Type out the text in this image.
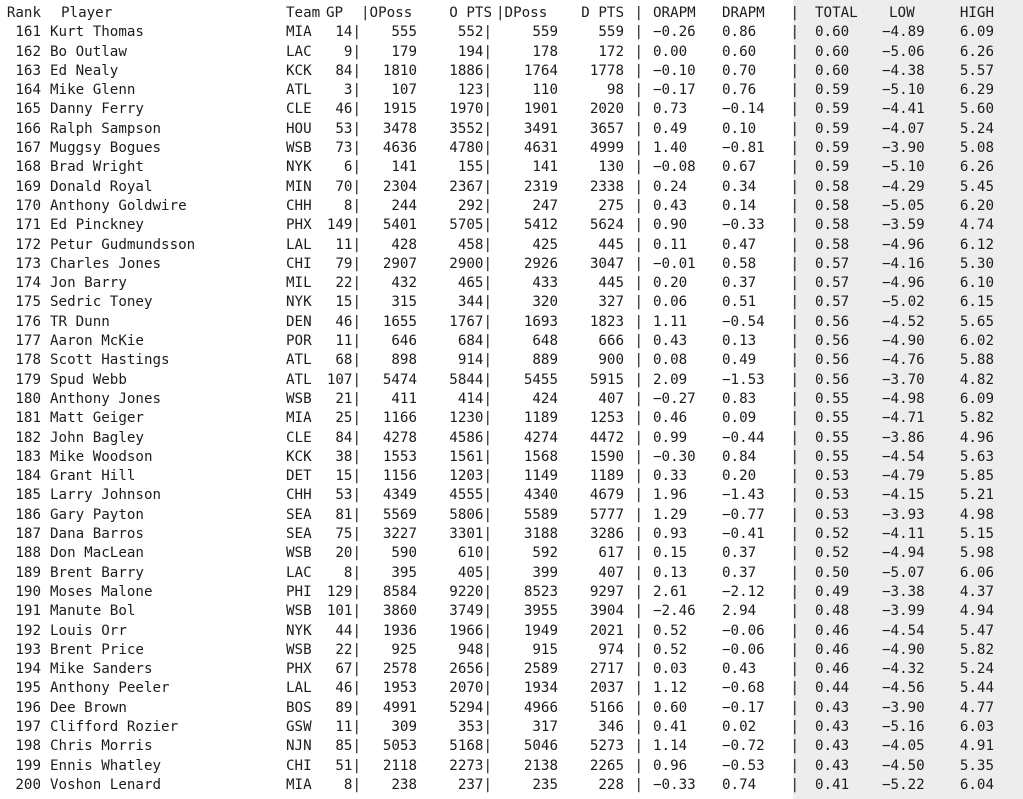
Rank	Player	Team	GP	|OPoss	O PTS	|DPoss	D PTS	|	ORAPM	DRAPM	|	TOTAL	LOW	HIGH
161	Kurt Thomas	MIA	14|	555	552|	559	559	|	−0.26	0.86	|	0.60	−4.89	6.09
162	Bo Outlaw	LAC	9|	179	194|	178	172	|	0.00	0.60	|	0.60	−5.06	6.26
163	Ed Nealy	KCK	84|	1810	1886|	1764	1778	|	−0.10	0.70	|	0.60	−4.38	5.57
164	Mike Glenn	ATL	3|	107	123|	110	98	|	−0.17	0.76	|	0.59	−5.10	6.29
165	Danny Ferry	CLE	46|	1915	1970|	1901	2020	|	0.73	−0.14	|	0.59	−4.41	5.60
166	Ralph Sampson	HOU	53|	3478	3552|	3491	3657	|	0.49	0.10	|	0.59	−4.07	5.24
167	Muggsy Bogues	WSB	73|	4636	4780|	4631	4999	|	1.40	−0.81	|	0.59	−3.90	5.08
168	Brad Wright	NYK	6|	141	155|	141	130	|	−0.08	0.67	|	0.59	−5.10	6.26
169	Donald Royal	MIN	70|	2304	2367|	2319	2338	|	0.24	0.34	|	0.58	−4.29	5.45
170	Anthony Goldwire	CHH	8|	244	292|	247	275	|	0.43	0.14	|	0.58	−5.05	6.20
171	Ed Pinckney	PHX	149|	5401	5705|	5412	5624	|	0.90	−0.33	|	0.58	−3.59	4.74
172	Petur Gudmundsson	LAL	11|	428	458|	425	445	|	0.11	0.47	|	0.58	−4.96	6.12
173	Charles Jones	CHI	79|	2907	2900|	2926	3047	|	−0.01	0.58	|	0.57	−4.16	5.30
174	Jon Barry	MIL	22|	432	465|	433	445	|	0.20	0.37	|	0.57	−4.96	6.10
175	Sedric Toney	NYK	15|	315	344|	320	327	|	0.06	0.51	|	0.57	−5.02	6.15
176	TR Dunn	DEN	46|	1655	1767|	1693	1823	|	1.11	−0.54	|	0.56	−4.52	5.65
177	Aaron McKie	POR	11|	646	684|	648	666	|	0.43	0.13	|	0.56	−4.90	6.02
178	Scott Hastings	ATL	68|	898	914|	889	900	|	0.08	0.49	|	0.56	−4.76	5.88
179	Spud Webb	ATL	107|	5474	5844|	5455	5915	|	2.09	−1.53	|	0.56	−3.70	4.82
180	Anthony Jones	WSB	21|	411	414|	424	407	|	−0.27	0.83	|	0.55	−4.98	6.09
181	Matt Geiger	MIA	25|	1166	1230|	1189	1253	|	0.46	0.09	|	0.55	−4.71	5.82
182	John Bagley	CLE	84|	4278	4586|	4274	4472	|	0.99	−0.44	|	0.55	−3.86	4.96
183	Mike Woodson	KCK	38|	1553	1561|	1568	1590	|	−0.30	0.84	|	0.55	−4.54	5.63
184	Grant Hill	DET	15|	1156	1203|	1149	1189	|	0.33	0.20	|	0.53	−4.79	5.85
185	Larry Johnson	CHH	53|	4349	4555|	4340	4679	|	1.96	−1.43	|	0.53	−4.15	5.21
186	Gary Payton	SEA	81|	5569	5806|	5589	5777	|	1.29	−0.77	|	0.53	−3.93	4.98
187	Dana Barros	SEA	75|	3227	3301|	3188	3286	|	0.93	−0.41	|	0.52	−4.11	5.15
188	Don MacLean	WSB	20|	590	610|	592	617	|	0.15	0.37	|	0.52	−4.94	5.98
189	Brent Barry	LAC	8|	395	405|	399	407	|	0.13	0.37	|	0.50	−5.07	6.06
190	Moses Malone	PHI	129|	8584	9220|	8523	9297	|	2.61	−2.12	|	0.49	−3.38	4.37
191	Manute Bol	WSB	101|	3860	3749|	3955	3904	|	−2.46	2.94	|	0.48	−3.99	4.94
192	Louis Orr	NYK	44|	1936	1966|	1949	2021	|	0.52	−0.06	|	0.46	−4.54	5.47
193	Brent Price	WSB	22|	925	948|	915	974	|	0.52	−0.06	|	0.46	−4.90	5.82
194	Mike Sanders	PHX	67|	2578	2656|	2589	2717	|	0.03	0.43	|	0.46	−4.32	5.24
195	Anthony Peeler	LAL	46|	1953	2070|	1934	2037	|	1.12	−0.68	|	0.44	−4.56	5.44
196	Dee Brown	BOS	89|	4991	5294|	4966	5166	|	0.60	−0.17	|	0.43	−3.90	4.77
197	Clifford Rozier	GSW	11|	309	353|	317	346	|	0.41	0.02	|	0.43	−5.16	6.03
198	Chris Morris	NJN	85|	5053	5168|	5046	5273	|	1.14	−0.72	|	0.43	−4.05	4.91
199	Ennis Whatley	CHI	51|	2118	2273|	2138	2265	|	0.96	−0.53	|	0.43	−4.50	5.35
200	Voshon Lenard	MIA	8|	238	237|	235	228	|	−0.33	0.74	|	0.41	−5.22	6.04
